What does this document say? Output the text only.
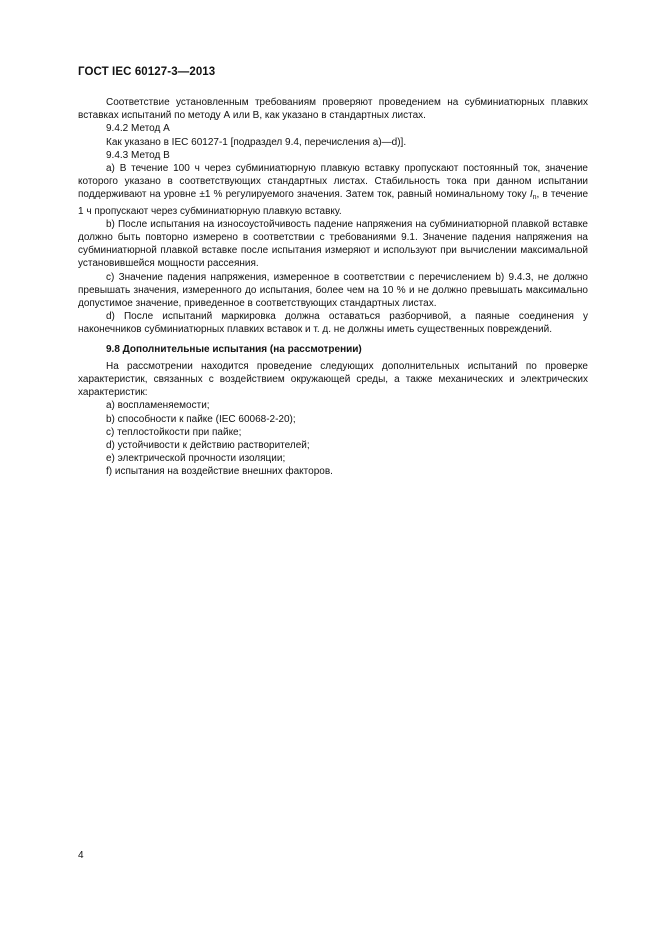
ГОСТ IEC 60127-3—2013

Соответствие установленным требованиям проверяют проведением на субминиатюрных плавких вставках испытаний по методу А или В, как указано в стандартных листах.

9.4.2 Метод А

Как указано в IEC 60127-1 [подраздел 9.4, перечисления а)—d)].

9.4.3 Метод В

а) В течение 100 ч через субминиатюрную плавкую вставку пропускают постоянный ток, значение которого указано в соответствующих стандартных листах. Стабильность тока при данном испытании поддерживают на уровне ±1 % регулируемого значения. Затем ток, равный номинальному току $I_n$, в течение 1 ч пропускают через субминиатюрную плавкую вставку.

b) После испытания на износоустойчивость падение напряжения на субминиатюрной плавкой вставке должно быть повторно измерено в соответствии с требованиями 9.1. Значение падения напряжения на субминиатюрной плавкой вставке после испытания измеряют и используют при вычислении максимальной установившейся мощности рассеяния.

с) Значение падения напряжения, измеренное в соответствии с перечислением b) 9.4.3, не должно превышать значения, измеренного до испытания, более чем на 10 % и не должно превышать максимально допустимое значение, приведенное в соответствующих стандартных листах.

d) После испытаний маркировка должна оставаться разборчивой, а паяные соединения у наконечников субминиатюрных плавких вставок и т. д. не должны иметь существенных повреждений.

9.8 Дополнительные испытания (на рассмотрении)

На рассмотрении находится проведение следующих дополнительных испытаний по проверке характеристик, связанных с воздействием окружающей среды, а также механических и электрических характеристик:

а) воспламеняемости;

b) способности к пайке (IEC 60068-2-20);

с) теплостойкости при пайке;

d) устойчивости к действию растворителей;

е) электрической прочности изоляции;

f) испытания на воздействие внешних факторов.

4
